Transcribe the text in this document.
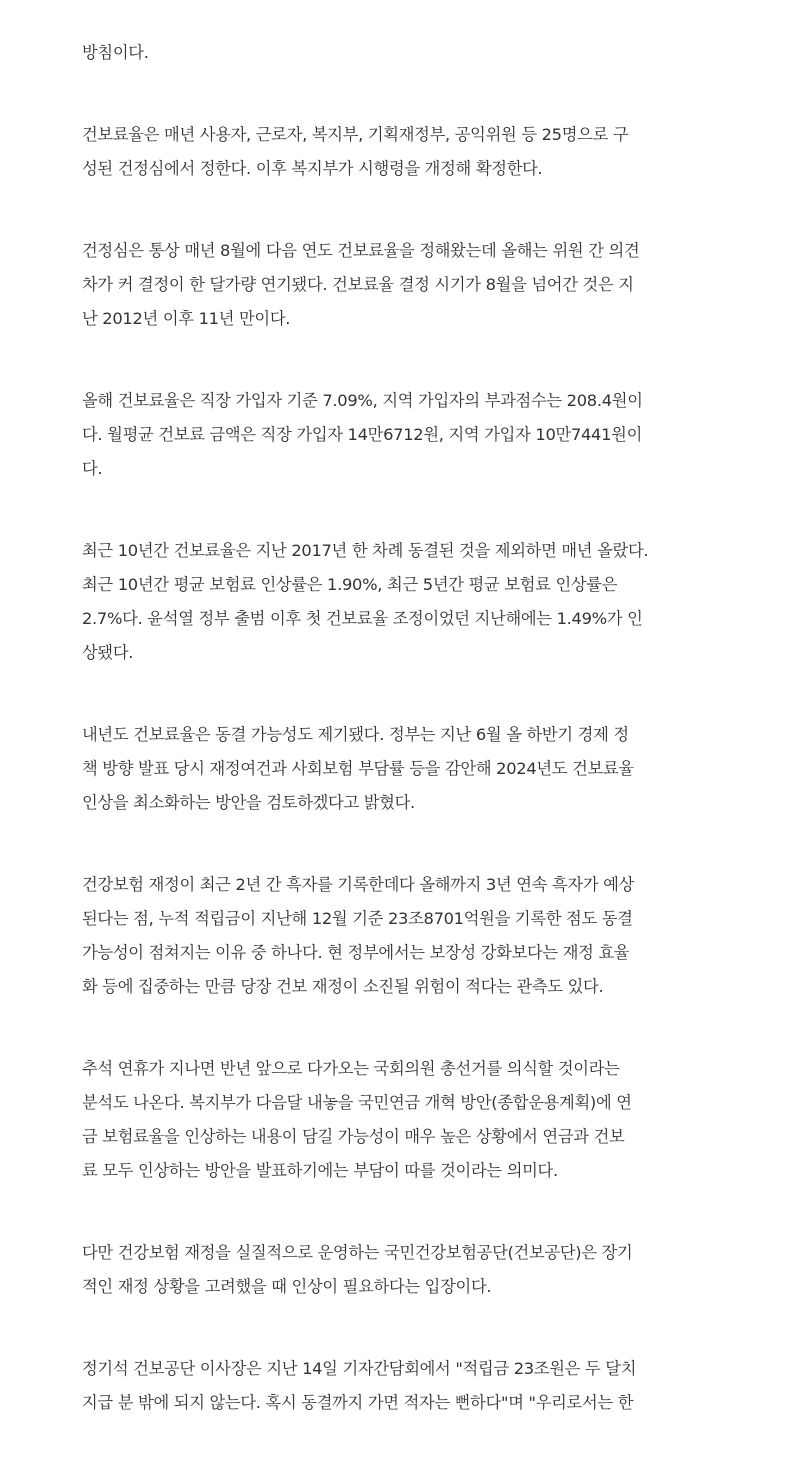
방침이다.

건보료율은 매년 사용자, 근로자, 복지부, 기획재정부, 공익위원 등 25명으로 구
성된 건정심에서 정한다. 이후 복지부가 시행령을 개정해 확정한다.

건정심은 통상 매년 8월에 다음 연도 건보료율을 정해왔는데 올해는 위원 간 의견
차가 커 결정이 한 달가량 연기됐다. 건보료율 결정 시기가 8월을 넘어간 것은 지
난 2012년 이후 11년 만이다.

올해 건보료율은 직장 가입자 기준 7.09%, 지역 가입자의 부과점수는 208.4원이
다. 월평균 건보료 금액은 직장 가입자 14만6712원, 지역 가입자 10만7441원이
다.

최근 10년간 건보료율은 지난 2017년 한 차례 동결된 것을 제외하면 매년 올랐다.
최근 10년간 평균 보험료 인상률은 1.90%, 최근 5년간 평균 보험료 인상률은
2.7%다. 윤석열 정부 출범 이후 첫 건보료율 조정이었던 지난해에는 1.49%가 인
상됐다.

내년도 건보료율은 동결 가능성도 제기됐다. 정부는 지난 6월 올 하반기 경제 정
책 방향 발표 당시 재정여건과 사회보험 부담률 등을 감안해 2024년도 건보료율
인상을 최소화하는 방안을 검토하겠다고 밝혔다.

건강보험 재정이 최근 2년 간 흑자를 기록한데다 올해까지 3년 연속 흑자가 예상
된다는 점, 누적 적립금이 지난해 12월 기준 23조8701억원을 기록한 점도 동결
가능성이 점쳐지는 이유 중 하나다. 현 정부에서는 보장성 강화보다는 재정 효율
화 등에 집중하는 만큼 당장 건보 재정이 소진될 위험이 적다는 관측도 있다.

추석 연휴가 지나면 반년 앞으로 다가오는 국회의원 총선거를 의식할 것이라는
분석도 나온다. 복지부가 다음달 내놓을 국민연금 개혁 방안(종합운용계획)에 연
금 보험료율을 인상하는 내용이 담길 가능성이 매우 높은 상황에서 연금과 건보
료 모두 인상하는 방안을 발표하기에는 부담이 따를 것이라는 의미다.

다만 건강보험 재정을 실질적으로 운영하는 국민건강보험공단(건보공단)은 장기
적인 재정 상황을 고려했을 때 인상이 필요하다는 입장이다.

정기석 건보공단 이사장은 지난 14일 기자간담회에서 "적립금 23조원은 두 달치
지급 분 밖에 되지 않는다. 혹시 동결까지 가면 적자는 뻔하다"며 "우리로서는 한
